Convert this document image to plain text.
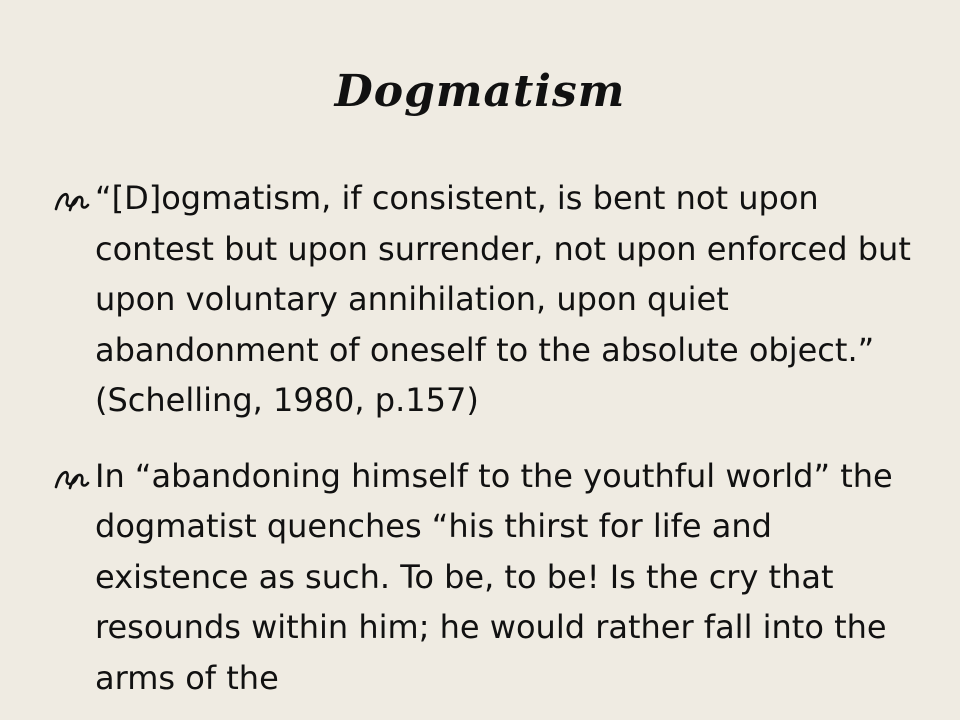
Dogmatism
“[D]ogmatism, if consistent, is bent not upon contest but upon surrender, not upon enforced but upon voluntary annihilation, upon quiet abandonment of oneself to the absolute object.” (Schelling, 1980, p.157)
In “abandoning himself to the youthful world” the dogmatist quenches “his thirst for life and existence as such. To be, to be! Is the cry that resounds within him; he would rather fall into the arms of the
